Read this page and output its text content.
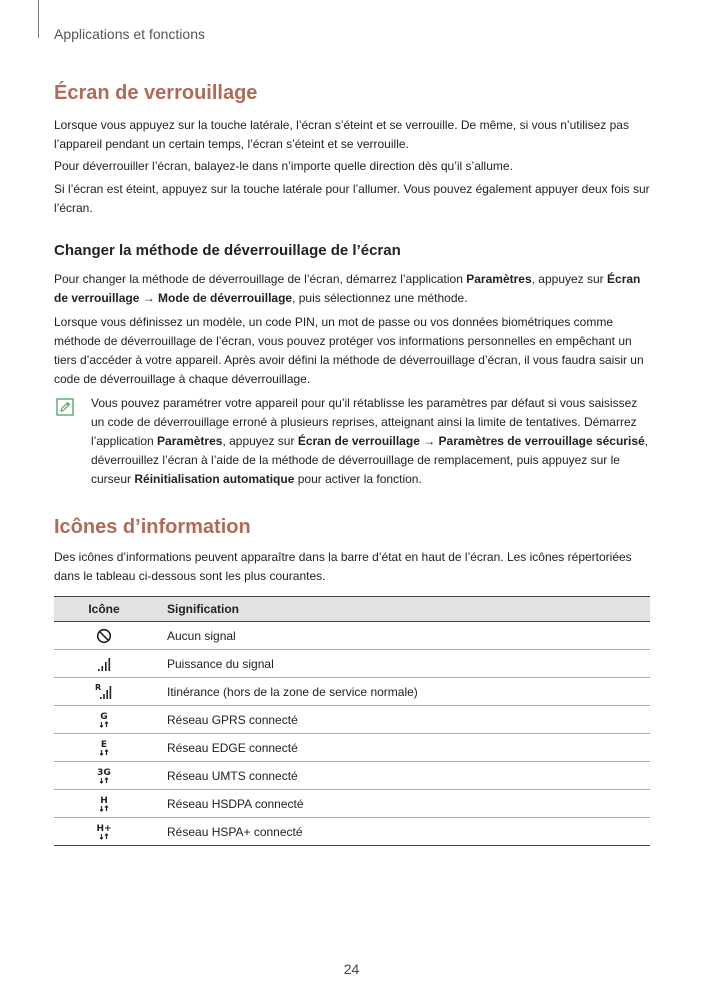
Applications et fonctions
Écran de verrouillage

Lorsque vous appuyez sur la touche latérale, l’écran s’éteint et se verrouille. De même, si vous n’utilisez pas l’appareil pendant un certain temps, l’écran s’éteint et se verrouille.

Pour déverrouiller l’écran, balayez-le dans n’importe quelle direction dès qu’il s’allume.

Si l’écran est éteint, appuyez sur la touche latérale pour l’allumer. Vous pouvez également appuyer deux fois sur l’écran.

Changer la méthode de déverrouillage de l’écran

Pour changer la méthode de déverrouillage de l’écran, démarrez l’application Paramètres, appuyez sur Écran de verrouillage → Mode de déverrouillage, puis sélectionnez une méthode.

Lorsque vous définissez un modèle, un code PIN, un mot de passe ou vos données biométriques comme méthode de déverrouillage de l’écran, vous pouvez protéger vos informations personnelles en empêchant un tiers d’accéder à votre appareil. Après avoir défini la méthode de déverrouillage d’écran, il vous faudra saisir un code de déverrouillage à chaque déverrouillage.

Vous pouvez paramétrer votre appareil pour qu’il rétablisse les paramètres par défaut si vous saisissez un code de déverrouillage erroné à plusieurs reprises, atteignant ainsi la limite de tentatives. Démarrez l’application Paramètres, appuyez sur Écran de verrouillage → Paramètres de verrouillage sécurisé, déverrouillez l’écran à l’aide de la méthode de déverrouillage de remplacement, puis appuyez sur le curseur Réinitialisation automatique pour activer la fonction.

Icônes d’information

Des icônes d’informations peuvent apparaître dans la barre d’état en haut de l’écran. Les icônes répertoriées dans le tableau ci-dessous sont les plus courantes.

Icône	Signification
	Aucun signal
	Puissance du signal

R	Itinérance (hors de la zone de service normale)

G	Réseau GPRS connecté

E	Réseau EDGE connecté

3G	Réseau UMTS connecté

H	Réseau HSDPA connecté

H+	Réseau HSPA+ connecté
24
